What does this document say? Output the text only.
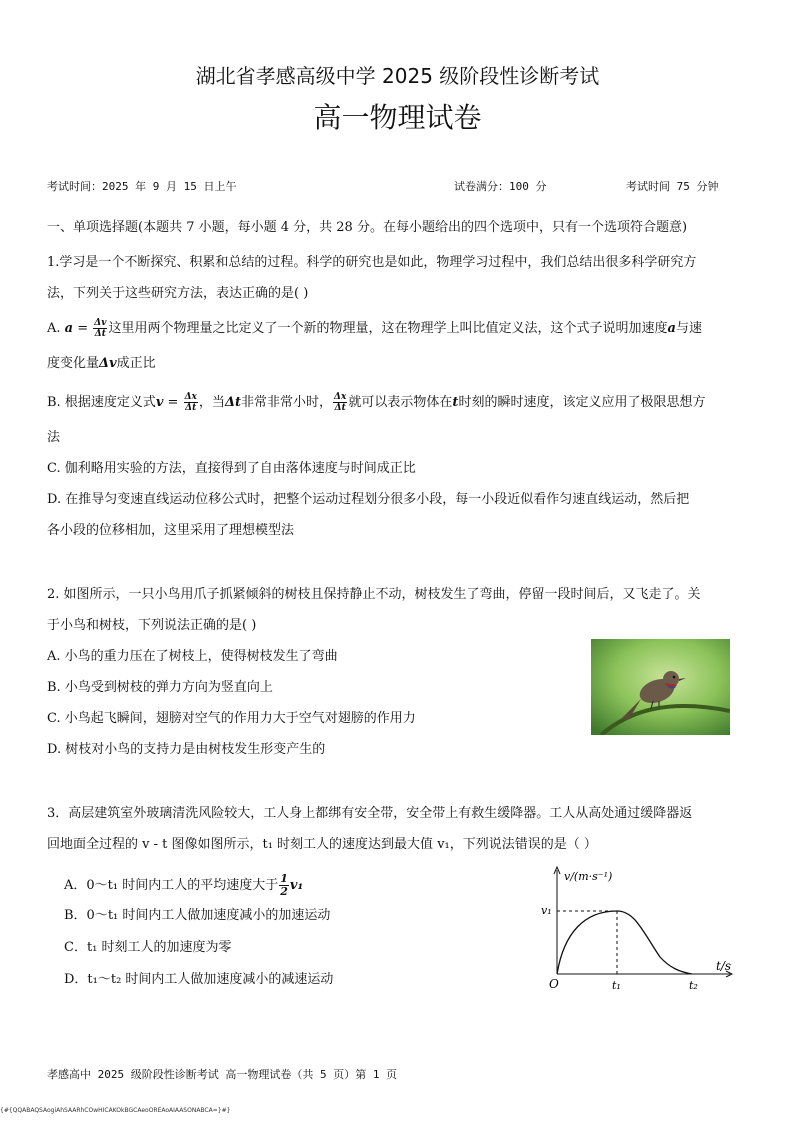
湖北省孝感高级中学 2025 级阶段性诊断考试
高一物理试卷
考试时间：2025 年 9 月 15 日上午	试卷满分：100 分	考试时间 75 分钟
一、单项选择题(本题共 7 小题，每小题 4 分，共 28 分。在每小题给出的四个选项中，只有一个选项符合题意)
1.学习是一个不断探究、积累和总结的过程。科学的研究也是如此，物理学习过程中，我们总结出很多科学研究方
法，下列关于这些研究方法，表达正确的是( )
A. $a = \frac{\Delta v}{\Delta t}$ 这里用两个物理量之比定义了一个新的物理量，这在物理学上叫比值定义法，这个式子说明加速度a与速
度变化量Δv成正比
B. 根据速度定义式$v = \frac{\Delta x}{\Delta t}$ ，当Δt非常非常小时， $\frac{\Delta x}{\Delta t}$ 就可以表示物体在t时刻的瞬时速度，该定义应用了极限思想方
法
C. 伽利略用实验的方法，直接得到了自由落体速度与时间成正比
D. 在推导匀变速直线运动位移公式时，把整个运动过程划分很多小段，每一小段近似看作匀速直线运动，然后把
各小段的位移相加，这里采用了理想模型法
2. 如图所示，一只小鸟用爪子抓紧倾斜的树枝且保持静止不动，树枝发生了弯曲，停留一段时间后，又飞走了。关
于小鸟和树枝，下列说法正确的是( )
A. 小鸟的重力压在了树枝上，使得树枝发生了弯曲
B. 小鸟受到树枝的弹力方向为竖直向上
C. 小鸟起飞瞬间，翅膀对空气的作用力大于空气对翅膀的作用力
D. 树枝对小鸟的支持力是由树枝发生形变产生的
3．高层建筑室外玻璃清洗风险较大，工人身上都绑有安全带，安全带上有救生缓降器。工人从高处通过缓降器返
回地面全过程的 v - t 图像如图所示，t₁ 时刻工人的速度达到最大值 v₁，下列说法错误的是（ ）
A．0～t₁ 时间内工人的平均速度大于 $\frac{1}{2} v_1$
B．0～t₁ 时间内工人做加速度减小的加速运动
C．t₁ 时刻工人的加速度为零
D．t₁～t₂ 时间内工人做加速度减小的减速运动
v/(m·s⁻¹)
t/s
O
v₁
t₁	t₂
孝感高中 2025 级阶段性诊断考试 高一物理试卷（共 5 页）第 1 页
{#{QQABAQSAogiAhSAARhCOwHICAKOkBGCAeoOREAoAIAASONABCA=}#}
